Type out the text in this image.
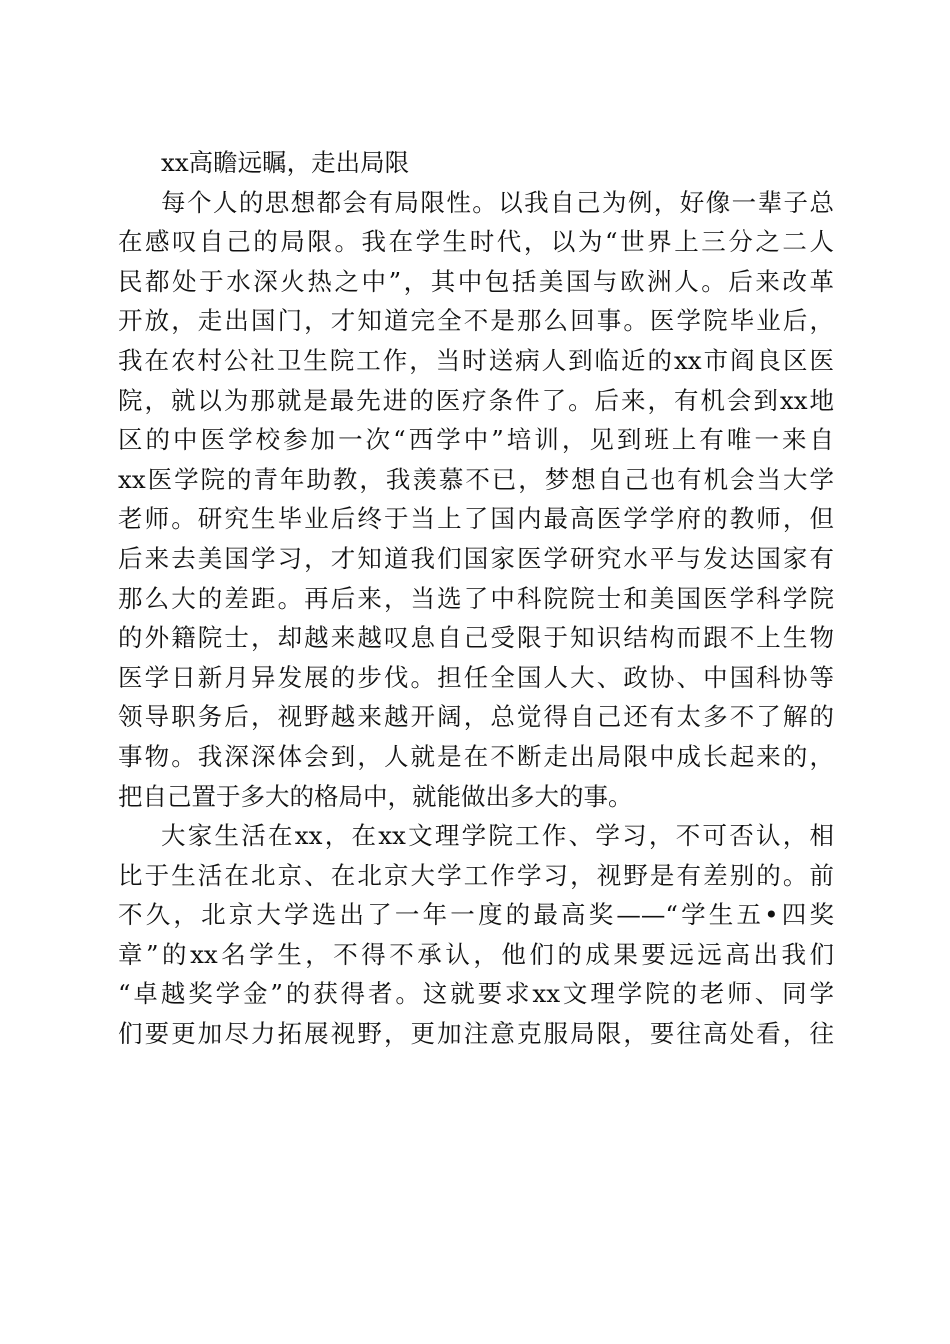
xx高瞻远瞩，走出局限

每个人的思想都会有局限性。以我自己为例，好像一辈子总
在感叹自己的局限。我在学生时代，以为“世界上三分之二人
民都处于水深火热之中”，其中包括美国与欧洲人。后来改革
开放，走出国门，才知道完全不是那么回事。医学院毕业后，
我在农村公社卫生院工作，当时送病人到临近的xx市阎良区医
院，就以为那就是最先进的医疗条件了。后来，有机会到xx地
区的中医学校参加一次“西学中”培训，见到班上有唯一来自
xx医学院的青年助教，我羡慕不已，梦想自己也有机会当大学
老师。研究生毕业后终于当上了国内最高医学学府的教师，但
后来去美国学习，才知道我们国家医学研究水平与发达国家有
那么大的差距。再后来，当选了中科院院士和美国医学科学院
的外籍院士，却越来越叹息自己受限于知识结构而跟不上生物
医学日新月异发展的步伐。担任全国人大、政协、中国科协等
领导职务后，视野越来越开阔，总觉得自己还有太多不了解的
事物。我深深体会到，人就是在不断走出局限中成长起来的，
把自己置于多大的格局中，就能做出多大的事。

大家生活在xx，在xx文理学院工作、学习，不可否认，相
比于生活在北京、在北京大学工作学习，视野是有差别的。前
不久，北京大学选出了一年一度的最高奖——“学生五•四奖
章”的xx名学生，不得不承认，他们的成果要远远高出我们
“卓越奖学金”的获得者。这就要求xx文理学院的老师、同学
们要更加尽力拓展视野，更加注意克服局限，要往高处看，往
